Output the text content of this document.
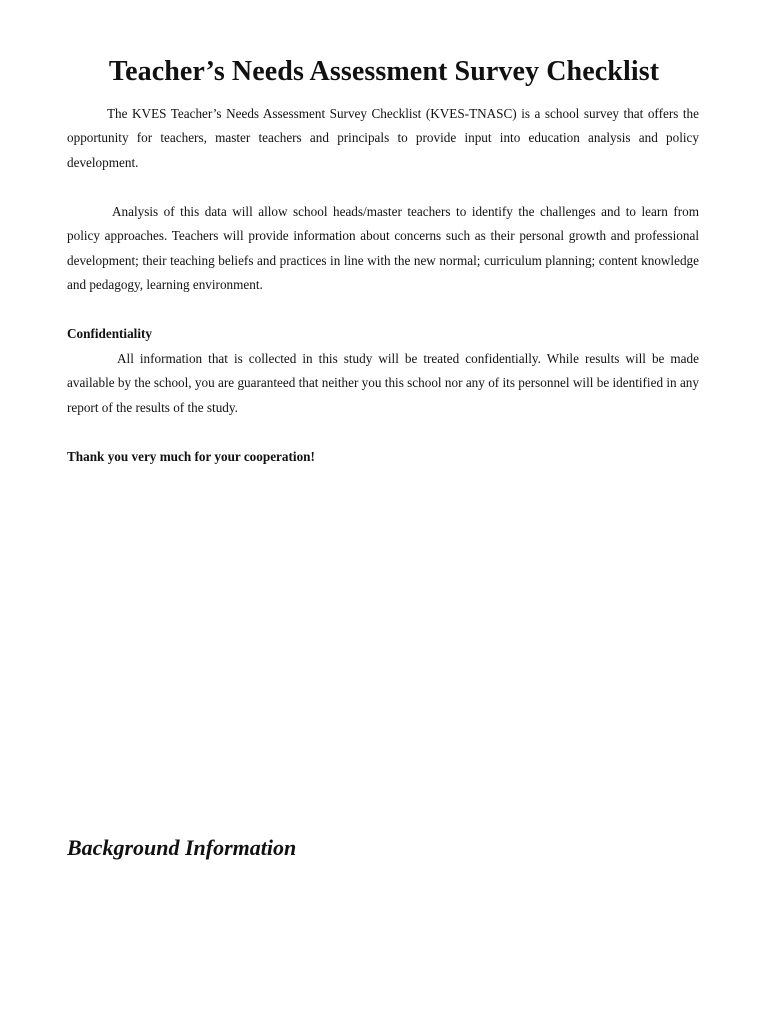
Teacher’s Needs Assessment Survey Checklist

The KVES Teacher’s Needs Assessment Survey Checklist (KVES-TNASC) is a school survey that offers the opportunity for teachers, master teachers and principals to provide input into education analysis and policy development.

Analysis of this data will allow school heads/master teachers to identify the challenges and to learn from policy approaches. Teachers will provide information about concerns such as their personal growth and professional development; their teaching beliefs and practices in line with the new normal; curriculum planning; content knowledge and pedagogy, learning environment.

Confidentiality

All information that is collected in this study will be treated confidentially. While results will be made available by the school, you are guaranteed that neither you this school nor any of its personnel will be identified in any report of the results of the study.

Thank you very much for your cooperation!
Background Information
